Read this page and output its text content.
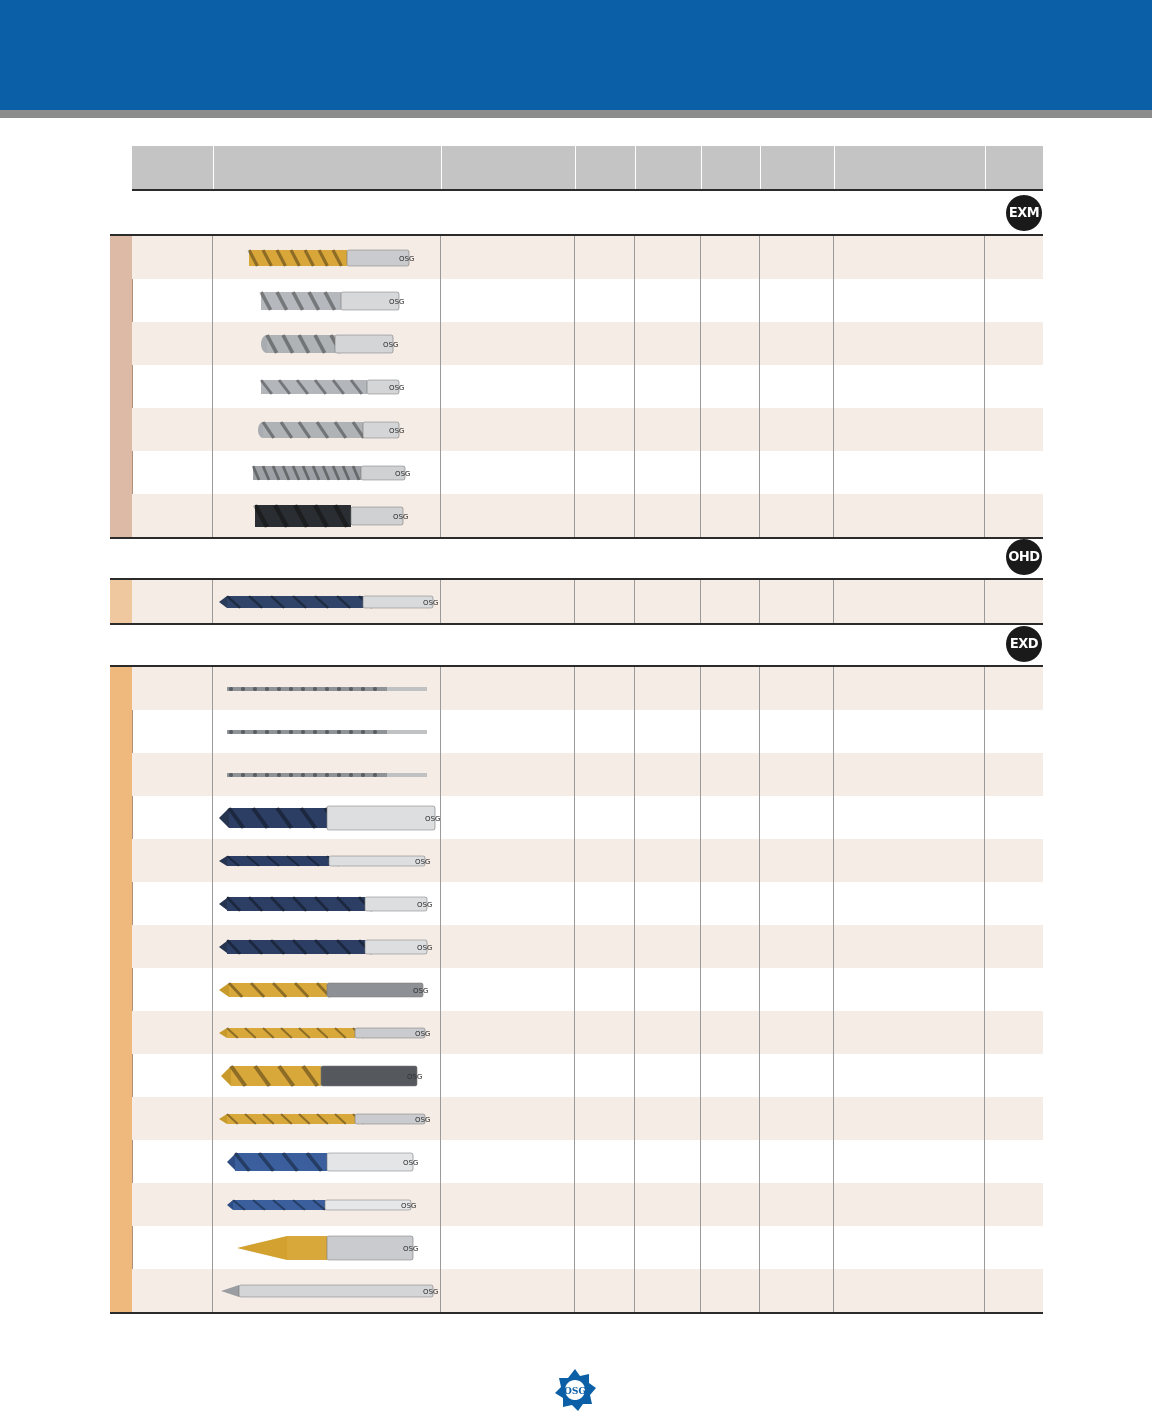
EXM
OSG
OSG
OSG
OSG
OSG
OSG
OSG
OHD
OSG
EXD
OSG
OSG
OSG
OSG
OSG
OSG
OSG
OSG
OSG
OSG
OSG
OSG
OSG
